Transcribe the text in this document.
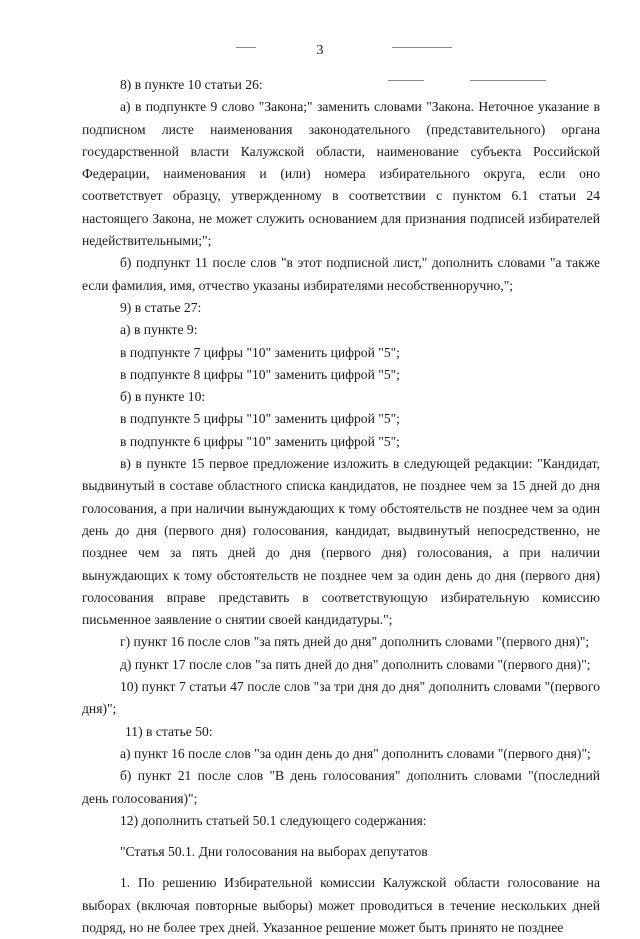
3

8) в пункте 10 статьи 26:

а) в подпункте 9 слово "Закона;" заменить словами "Закона. Неточное указание в подписном листе наименования законодательного (представительного) органа государственной власти Калужской области, наименование субъекта Российской Федерации, наименования и (или) номера избирательного округа, если оно соответствует образцу, утвержденному в соответствии с пунктом 6.1 статьи 24 настоящего Закона, не может служить основанием для признания подписей избирателей недействительными;";

б) подпункт 11 после слов "в этот подписной лист," дополнить словами "а также если фамилия, имя, отчество указаны избирателями несобственноручно,";

9) в статье 27:

а) в пункте 9:

в подпункте 7 цифры "10" заменить цифрой "5";

в подпункте 8 цифры "10" заменить цифрой "5";

б) в пункте 10:

в подпункте 5 цифры "10" заменить цифрой "5";

в подпункте 6 цифры "10" заменить цифрой "5";

в) в пункте 15 первое предложение изложить в следующей редакции: "Кандидат, выдвинутый в составе областного списка кандидатов, не позднее чем за 15 дней до дня голосования, а при наличии вынуждающих к тому обстоятельств не позднее чем за один день до дня (первого дня) голосования, кандидат, выдвинутый непосредственно, не позднее чем за пять дней до дня (первого дня) голосования, а при наличии вынуждающих к тому обстоятельств не позднее чем за один день до дня (первого дня) голосования вправе представить в соответствующую избирательную комиссию письменное заявление о снятии своей кандидатуры.";

г) пункт 16 после слов "за пять дней до дня" дополнить словами "(первого дня)";

д) пункт 17 после слов "за пять дней до дня" дополнить словами "(первого дня)";

10) пункт 7 статьи 47 после слов "за три дня до дня" дополнить словами "(первого дня)";

11) в статье 50:

а) пункт 16 после слов "за один день до дня" дополнить словами "(первого дня)";

б) пункт 21 после слов "В день голосования" дополнить словами "(последний день голосования)";

12) дополнить статьей 50.1 следующего содержания:

"Статья 50.1. Дни голосования на выборах депутатов

1. По решению Избирательной комиссии Калужской области голосование на выборах (включая повторные выборы) может проводиться в течение нескольких дней подряд, но не более трех дней. Указанное решение может быть принято не позднее
